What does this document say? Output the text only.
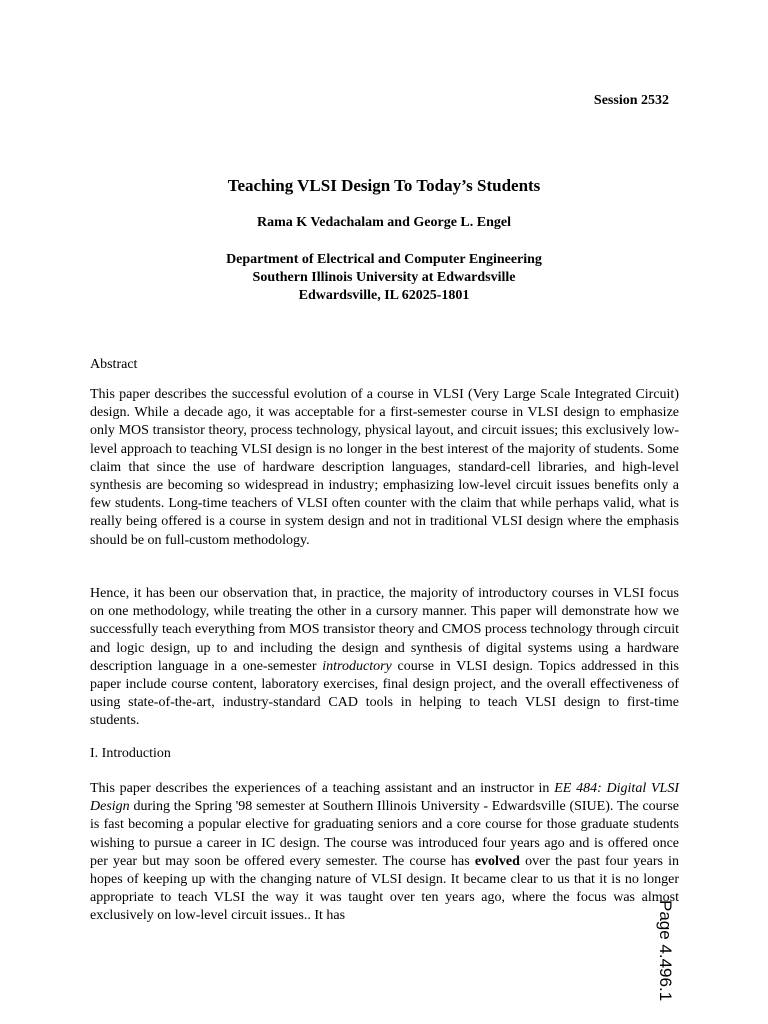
Session 2532
Teaching VLSI Design To Today’s Students
Rama K Vedachalam and George L. Engel
Department of Electrical and Computer Engineering
Southern Illinois University at Edwardsville
Edwardsville, IL 62025-1801
Abstract
This paper describes the successful evolution of a course in VLSI (Very Large Scale Integrated Circuit) design. While a decade ago, it was acceptable for a first-semester course in VLSI design to emphasize only MOS transistor theory, process technology, physical layout, and circuit issues; this exclusively low-level approach to teaching VLSI design is no longer in the best interest of the majority of students. Some claim that since the use of hardware description languages, standard-cell libraries, and high-level synthesis are becoming so widespread in industry; emphasizing low-level circuit issues benefits only a few students. Long-time teachers of VLSI often counter with the claim that while perhaps valid, what is really being offered is a course in system design and not in traditional VLSI design where the emphasis should be on full-custom methodology.
Hence, it has been our observation that, in practice, the majority of introductory courses in VLSI focus on one methodology, while treating the other in a cursory manner. This paper will demonstrate how we successfully teach everything from MOS transistor theory and CMOS process technology through circuit and logic design, up to and including the design and synthesis of digital systems using a hardware description language in a one-semester introductory course in VLSI design. Topics addressed in this paper include course content, laboratory exercises, final design project, and the overall effectiveness of using state-of-the-art, industry-standard CAD tools in helping to teach VLSI design to first-time students.
I. Introduction
This paper describes the experiences of a teaching assistant and an instructor in EE 484: Digital VLSI Design during the Spring '98 semester at Southern Illinois University - Edwardsville (SIUE). The course is fast becoming a popular elective for graduating seniors and a core course for those graduate students wishing to pursue a career in IC design. The course was introduced four years ago and is offered once per year but may soon be offered every semester. The course has evolved over the past four years in hopes of keeping up with the changing nature of VLSI design. It became clear to us that it is no longer appropriate to teach VLSI the way it was taught over ten years ago, where the focus was almost exclusively on low-level circuit issues.. It has	Page 4.496.1
